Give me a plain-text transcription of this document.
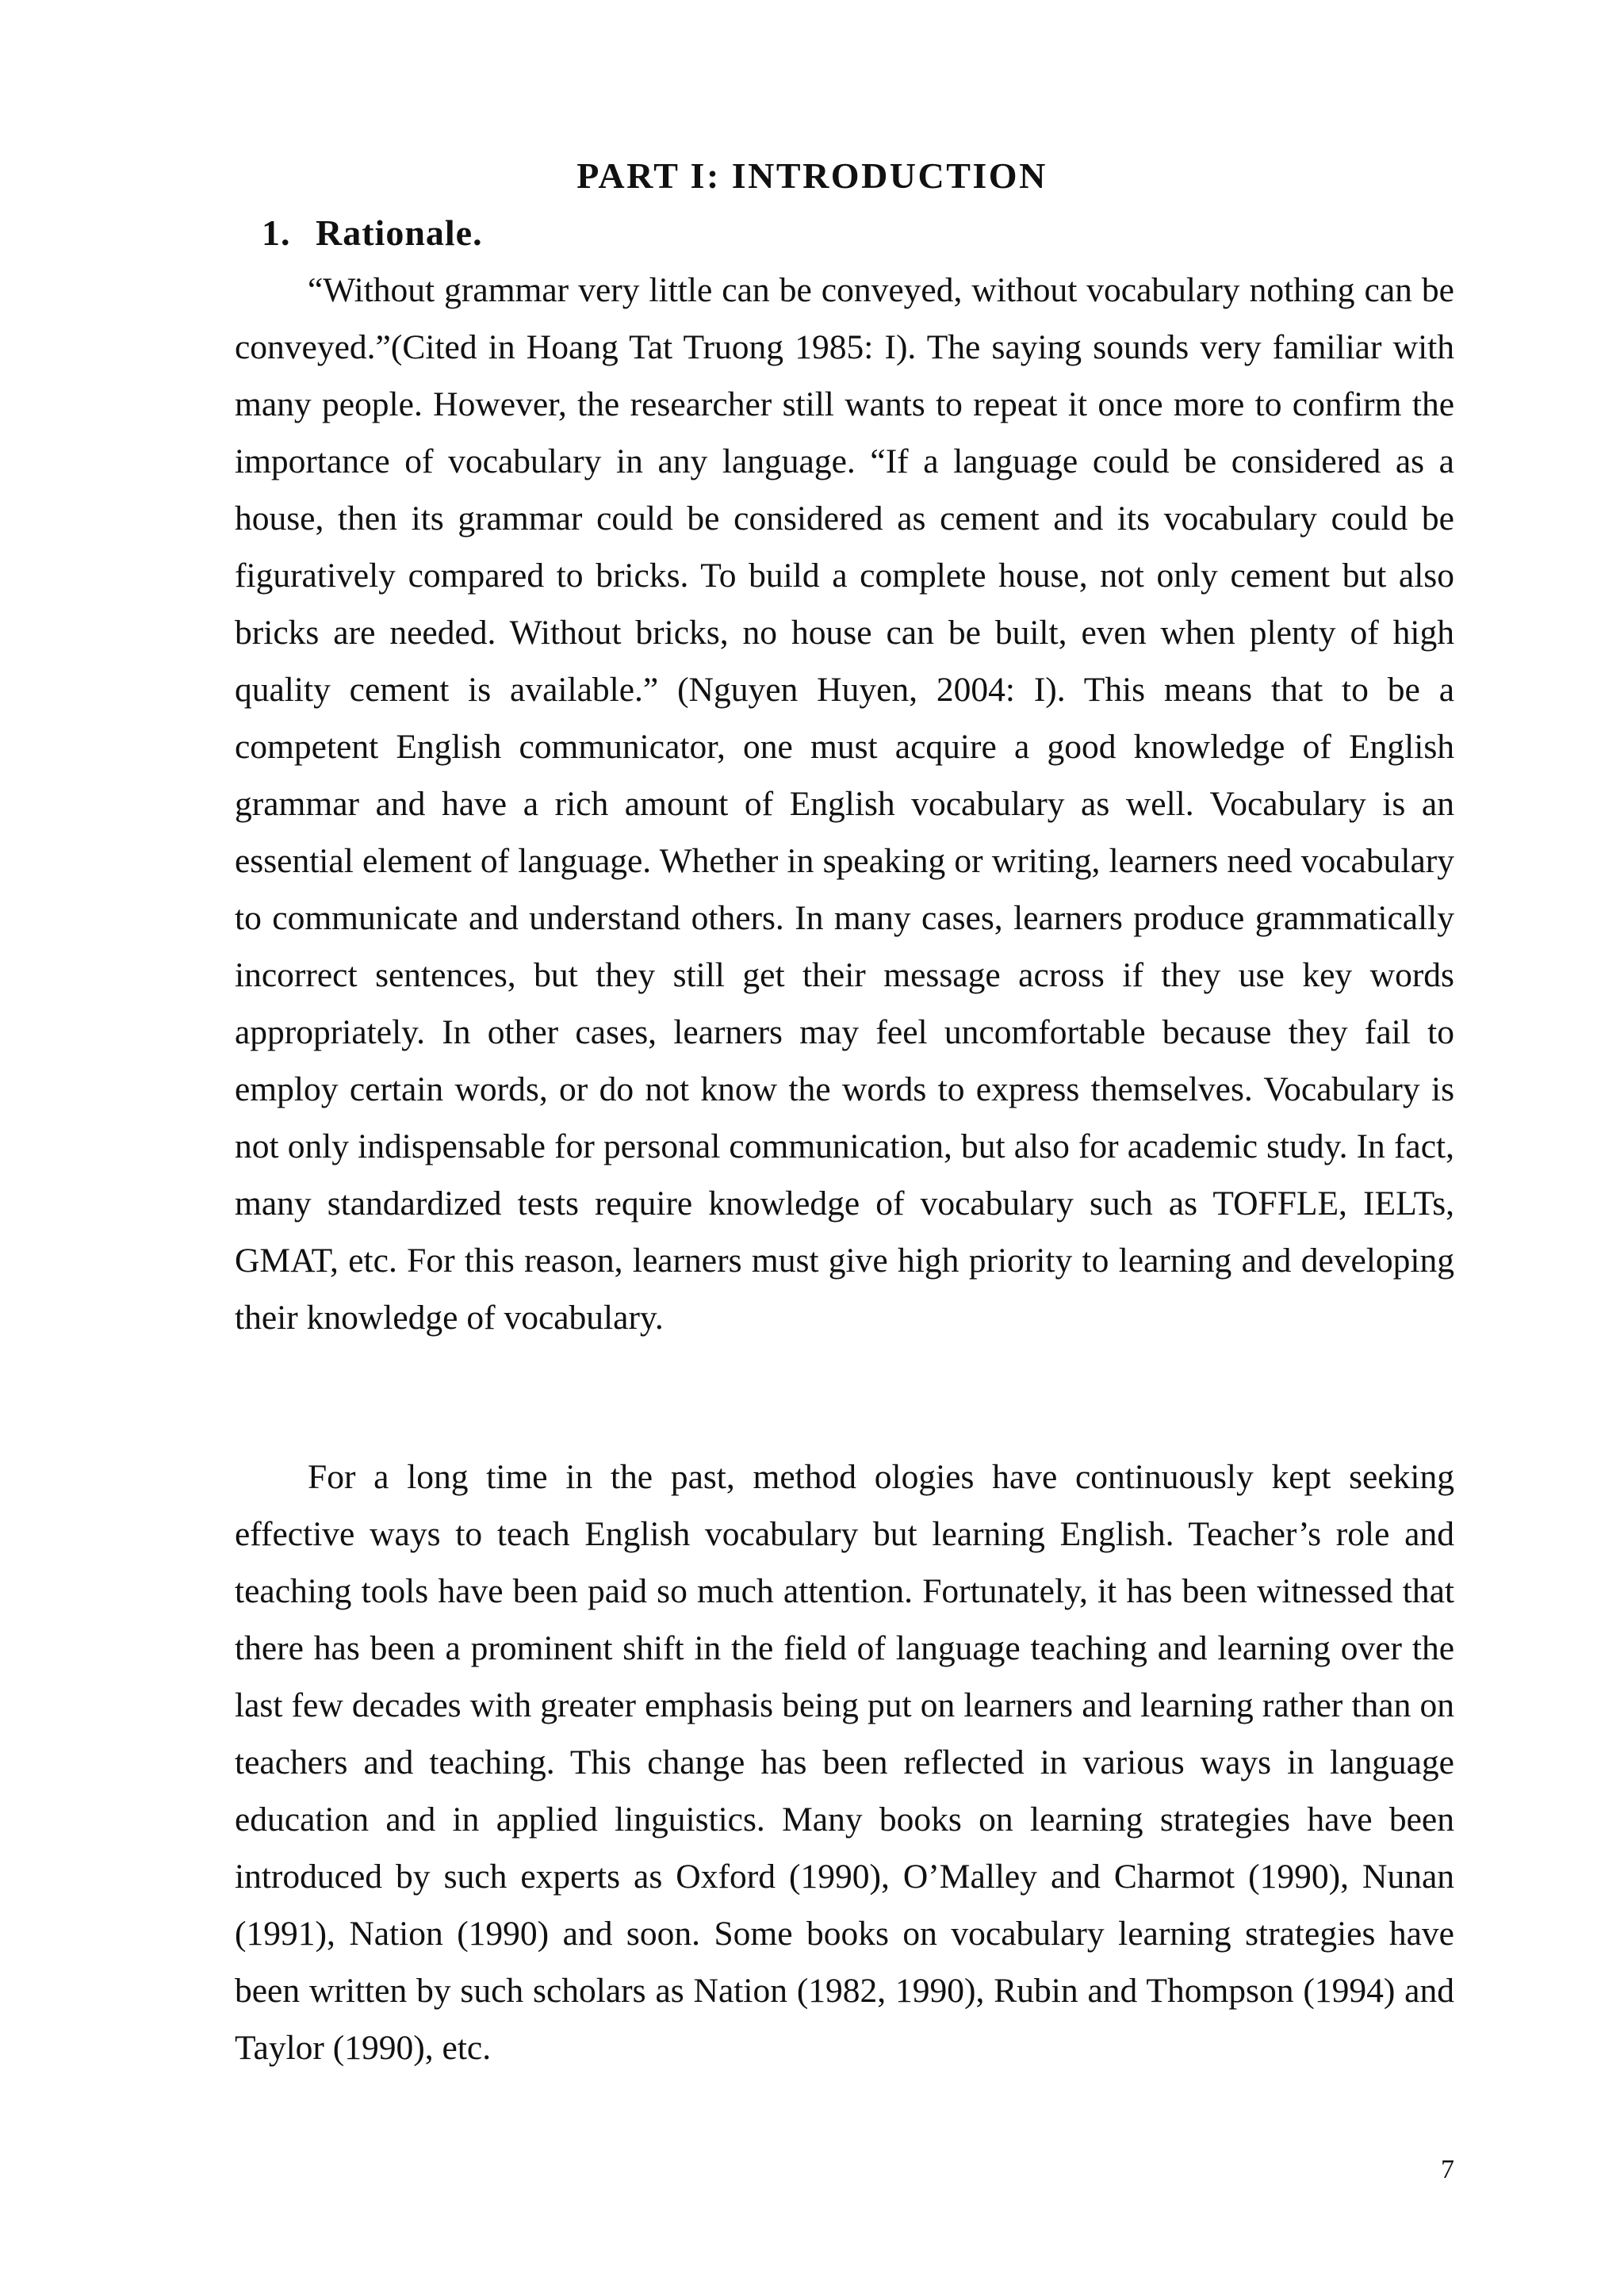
PART I: INTRODUCTION
1. Rationale.

“Without grammar very little can be conveyed, without vocabulary nothing can be conveyed.”(Cited in Hoang Tat Truong 1985: I). The saying sounds very familiar with many people. However, the researcher still wants to repeat it once more to confirm the importance of vocabulary in any language. “If a language could be considered as a house, then its grammar could be considered as cement and its vocabulary could be figuratively compared to bricks. To build a complete house, not only cement but also bricks are needed. Without bricks, no house can be built, even when plenty of high quality cement is available.” (Nguyen Huyen, 2004: I). This means that to be a competent English communicator, one must acquire a good knowledge of English grammar and have a rich amount of English vocabulary as well. Vocabulary is an essential element of language. Whether in speaking or writing, learners need vocabulary to communicate and understand others. In many cases, learners produce grammatically incorrect sentences, but they still get their message across if they use key words appropriately. In other cases, learners may feel uncomfortable because they fail to employ certain words, or do not know the words to express themselves. Vocabulary is not only indispensable for personal communication, but also for academic study. In fact, many standardized tests require knowledge of vocabulary such as TOFFLE, IELTs, GMAT, etc. For this reason, learners must give high priority to learning and developing their knowledge of vocabulary.

For a long time in the past, method ologies have continuously kept seeking effective ways to teach English vocabulary but learning English. Teacher’s role and teaching tools have been paid so much attention. Fortunately, it has been witnessed that there has been a prominent shift in the field of language teaching and learning over the last few decades with greater emphasis being put on learners and learning rather than on teachers and teaching. This change has been reflected in various ways in language education and in applied linguistics. Many books on learning strategies have been introduced by such experts as Oxford (1990), O’Malley and Charmot (1990), Nunan (1991), Nation (1990) and soon. Some books on vocabulary learning strategies have been written by such scholars as Nation (1982, 1990), Rubin and Thompson (1994) and Taylor (1990), etc.

7
